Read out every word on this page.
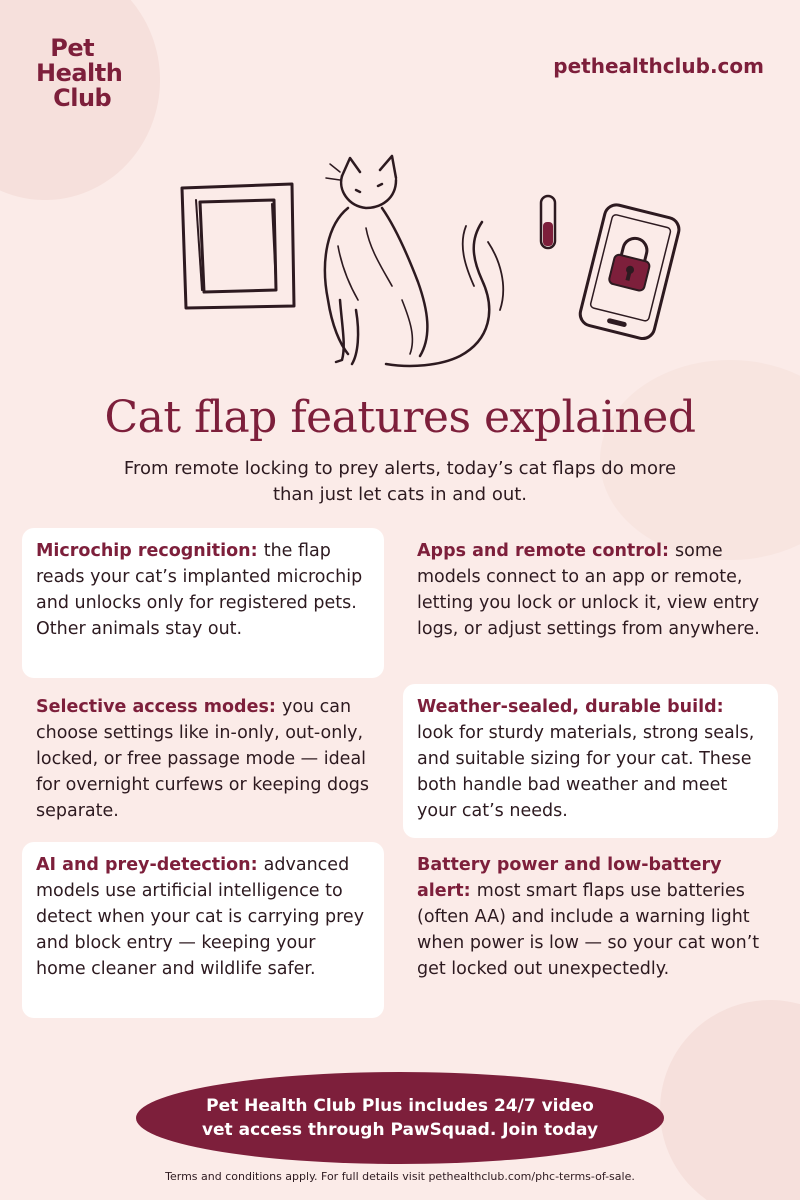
Pet
Health
Club
pethealthclub.com
Cat flap features explained
From remote locking to prey alerts, today’s cat flaps do more than just let cats in and out.
Microchip recognition: the flap reads your cat’s implanted microchip and unlocks only for registered pets. Other animals stay out.
Apps and remote control: some models connect to an app or remote, letting you lock or unlock it, view entry logs, or adjust settings from anywhere.
Selective access modes: you can choose settings like in-only, out-only, locked, or free passage mode — ideal for overnight curfews or keeping dogs separate.
Weather-sealed, durable build: look for sturdy materials, strong seals, and suitable sizing for your cat. These both handle bad weather and meet your cat’s needs.
AI and prey-detection: advanced models use artificial intelligence to detect when your cat is carrying prey and block entry — keeping your home cleaner and wildlife safer.
Battery power and low-battery alert: most smart flaps use batteries (often AA) and include a warning light when power is low — so your cat won’t get locked out unexpectedly.
Pet Health Club Plus includes 24/7 video vet access through PawSquad. Join today
Terms and conditions apply. For full details visit pethealthclub.com/phc-terms-of-sale.
